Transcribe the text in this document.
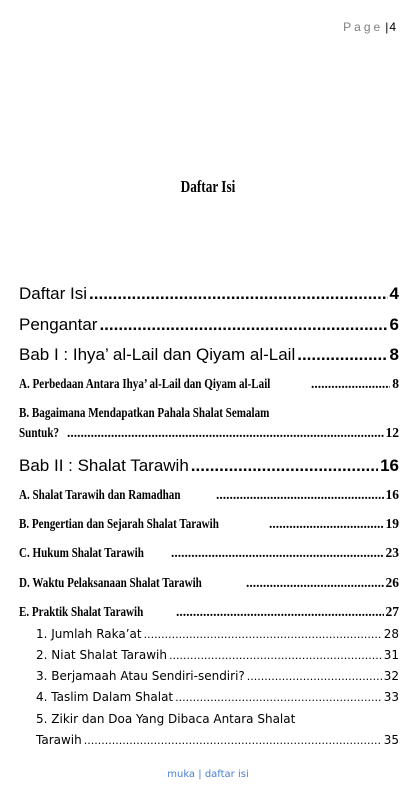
Page |4
Daftar Isi
Daftar Isi .....	4
Pengantar .....	6
Bab I : Ihya’ al-Lail dan Qiyam al-Lail .....	8
A. Perbedaan Antara Ihya’ al-Lail dan Qiyam al-Lail .....	8
B. Bagaimana Mendapatkan Pahala Shalat Semalam
Suntuk? .....	12
Bab II : Shalat Tarawih .....	16
A. Shalat Tarawih dan Ramadhan .....	16
B. Pengertian dan Sejarah Shalat Tarawih .....	19
C. Hukum Shalat Tarawih .....	23
D. Waktu Pelaksanaan Shalat Tarawih .....	26
E. Praktik Shalat Tarawih .....	27
1. Jumlah Raka’at .....	28
2. Niat Shalat Tarawih .....	31
3. Berjamaah Atau Sendiri-sendiri? .....	32
4. Taslim Dalam Shalat .....	33
5. Zikir dan Doa Yang Dibaca Antara Shalat
Tarawih .....	35
muka | daftar isi
